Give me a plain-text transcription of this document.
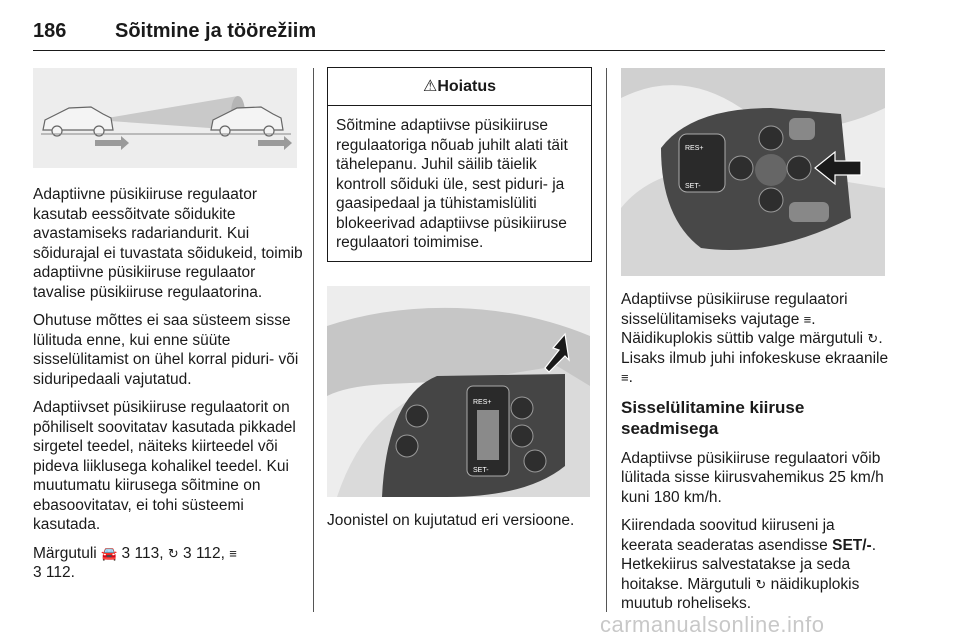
186 Sõitmine ja töörežiim

Adaptiivne püsikiiruse regulaator kasutab eessõitvate sõidukite avastamiseks radariandurit. Kui sõidurajal ei tuvastata sõidukeid, toimib adaptiivne püsikiiruse regulaator tavalise püsikiiruse regulaatorina.

Ohutuse mõttes ei saa süsteem sisse lülituda enne, kui enne süüte sisselülitamist on ühel korral piduri- või siduripedaali vajutatud.

Adaptiivset püsikiiruse regulaatorit on põhiliselt soovitatav kasutada pikkadel sirgetel teedel, näiteks kiirteedel või pideva liiklusega kohalikel teedel. Kui muutumatu kiirusega sõitmine on ebasoovitatav, ei tohi süsteemi kasutada.

Märgutuli 🚘 3 113, ↻ 3 112, ≡
3 112.

⚠Hoiatus
Sõitmine adaptiivse püsikiiruse regulaatoriga nõuab juhilt alati täit tähelepanu. Juhil säilib täielik kontroll sõiduki üle, sest piduri- ja gaasipedaal ja tühistamislüliti blokeerivad adaptiivse püsikiiruse regulaatori toimimise.
RES+
SET-
Joonistel on kujutatud eri versioone.
RES+
SET-

Adaptiivse püsikiiruse regulaatori sisselülitamiseks vajutage ≡.
Näidikuplokis süttib valge märgutuli ↻. Lisaks ilmub juhi infokeskuse ekraanile ≡.

Sisselülitamine kiiruse seadmisega

Adaptiivse püsikiiruse regulaatori võib lülitada sisse kiirusvahemikus 25 km/h kuni 180 km/h.

Kiirendada soovitud kiiruseni ja keerata seaderatas asendisse SET/-. Hetkekiirus salvestatakse ja seda hoitakse. Märgutuli ↻ näidikuplokis muutub roheliseks.

carmanualsonline.info
